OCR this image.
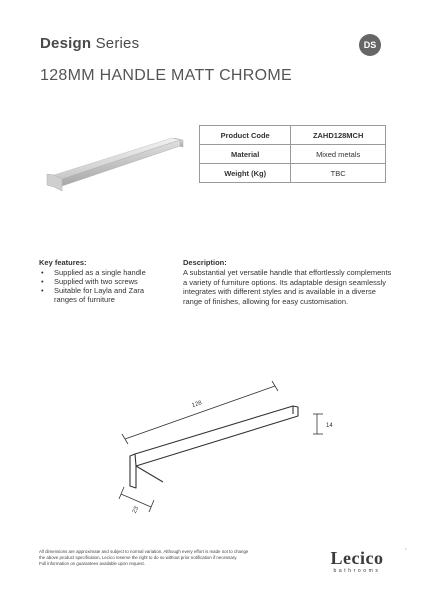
Design Series	DS
128MM HANDLE MATT CHROME
Product Code	ZAHD128MCH
Material	Mixed metals
Weight (Kg)	TBC
Key features:
• Supplied as a single handle
• Supplied with two screws
• Suitable for Layla and Zara ranges of furniture
Description:

A substantial yet versatile handle that effortlessly complements a variety of furniture options. Its adaptable design seamlessly integrates with different styles and is available in a diverse range of finishes, allowing for easy customisation.

128
14
23

All dimensions are approximate and subject to normal variation. Although every effort is made not to change

the above product specification, Lecico reserve the right to do so without prior notification if necessary.

Full information on guarantees available upon request.	Lecico
bathrooms
•
